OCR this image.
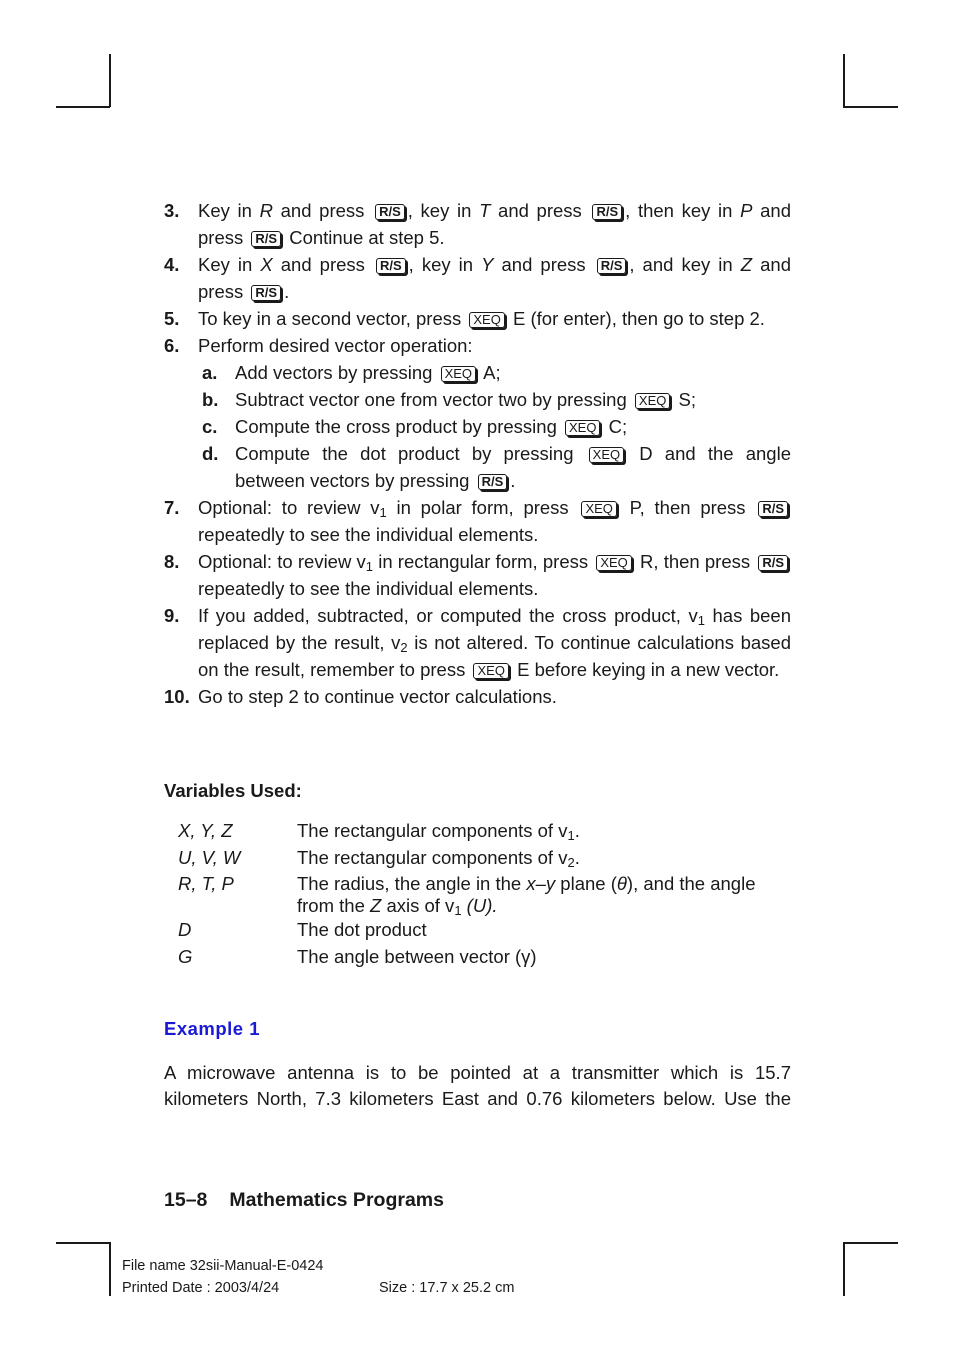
3. Key in R and press R/S , key in T and press R/S , then key in P and press R/S Continue at step 5.
4. Key in X and press R/S , key in Y and press R/S , and key in Z and press R/S .
5. To key in a second vector, press XEQ E (for enter), then go to step 2.
6. Perform desired vector operation:
a. Add vectors by pressing XEQ A;
b. Subtract vector one from vector two by pressing XEQ S;
c. Compute the cross product by pressing XEQ C;
d. Compute the dot product by pressing XEQ D and the angle between vectors by pressing R/S .
7. Optional: to review $v_1$ in polar form, press XEQ P, then press R/S repeatedly to see the individual elements.
8. Optional: to review $v_1$ in rectangular form, press XEQ R, then press R/S repeatedly to see the individual elements.
9. If you added, subtracted, or computed the cross product, $v_1$ has been replaced by the result, $v_2$ is not altered. To continue calculations based on the result, remember to press XEQ E before keying in a new vector.
10. Go to step 2 to continue vector calculations.
Variables Used:
X, Y, Z	The rectangular components of $v_1$.
U, V, W	The rectangular components of $v_2$.
R, T, P	The radius, the angle in the x–y plane (θ), and the angle from the Z axis of $v_1$ (U).
D	The dot product
G	The angle between vector (γ)
Example 1
A microwave antenna is to be pointed at a transmitter which is 15.7
kilometers North, 7.3 kilometers East and 0.76 kilometers below. Use the
15–8 Mathematics Programs
File name 32sii-Manual-E-0424
Printed Date : 2003/4/24	Size : 17.7 x 25.2 cm
